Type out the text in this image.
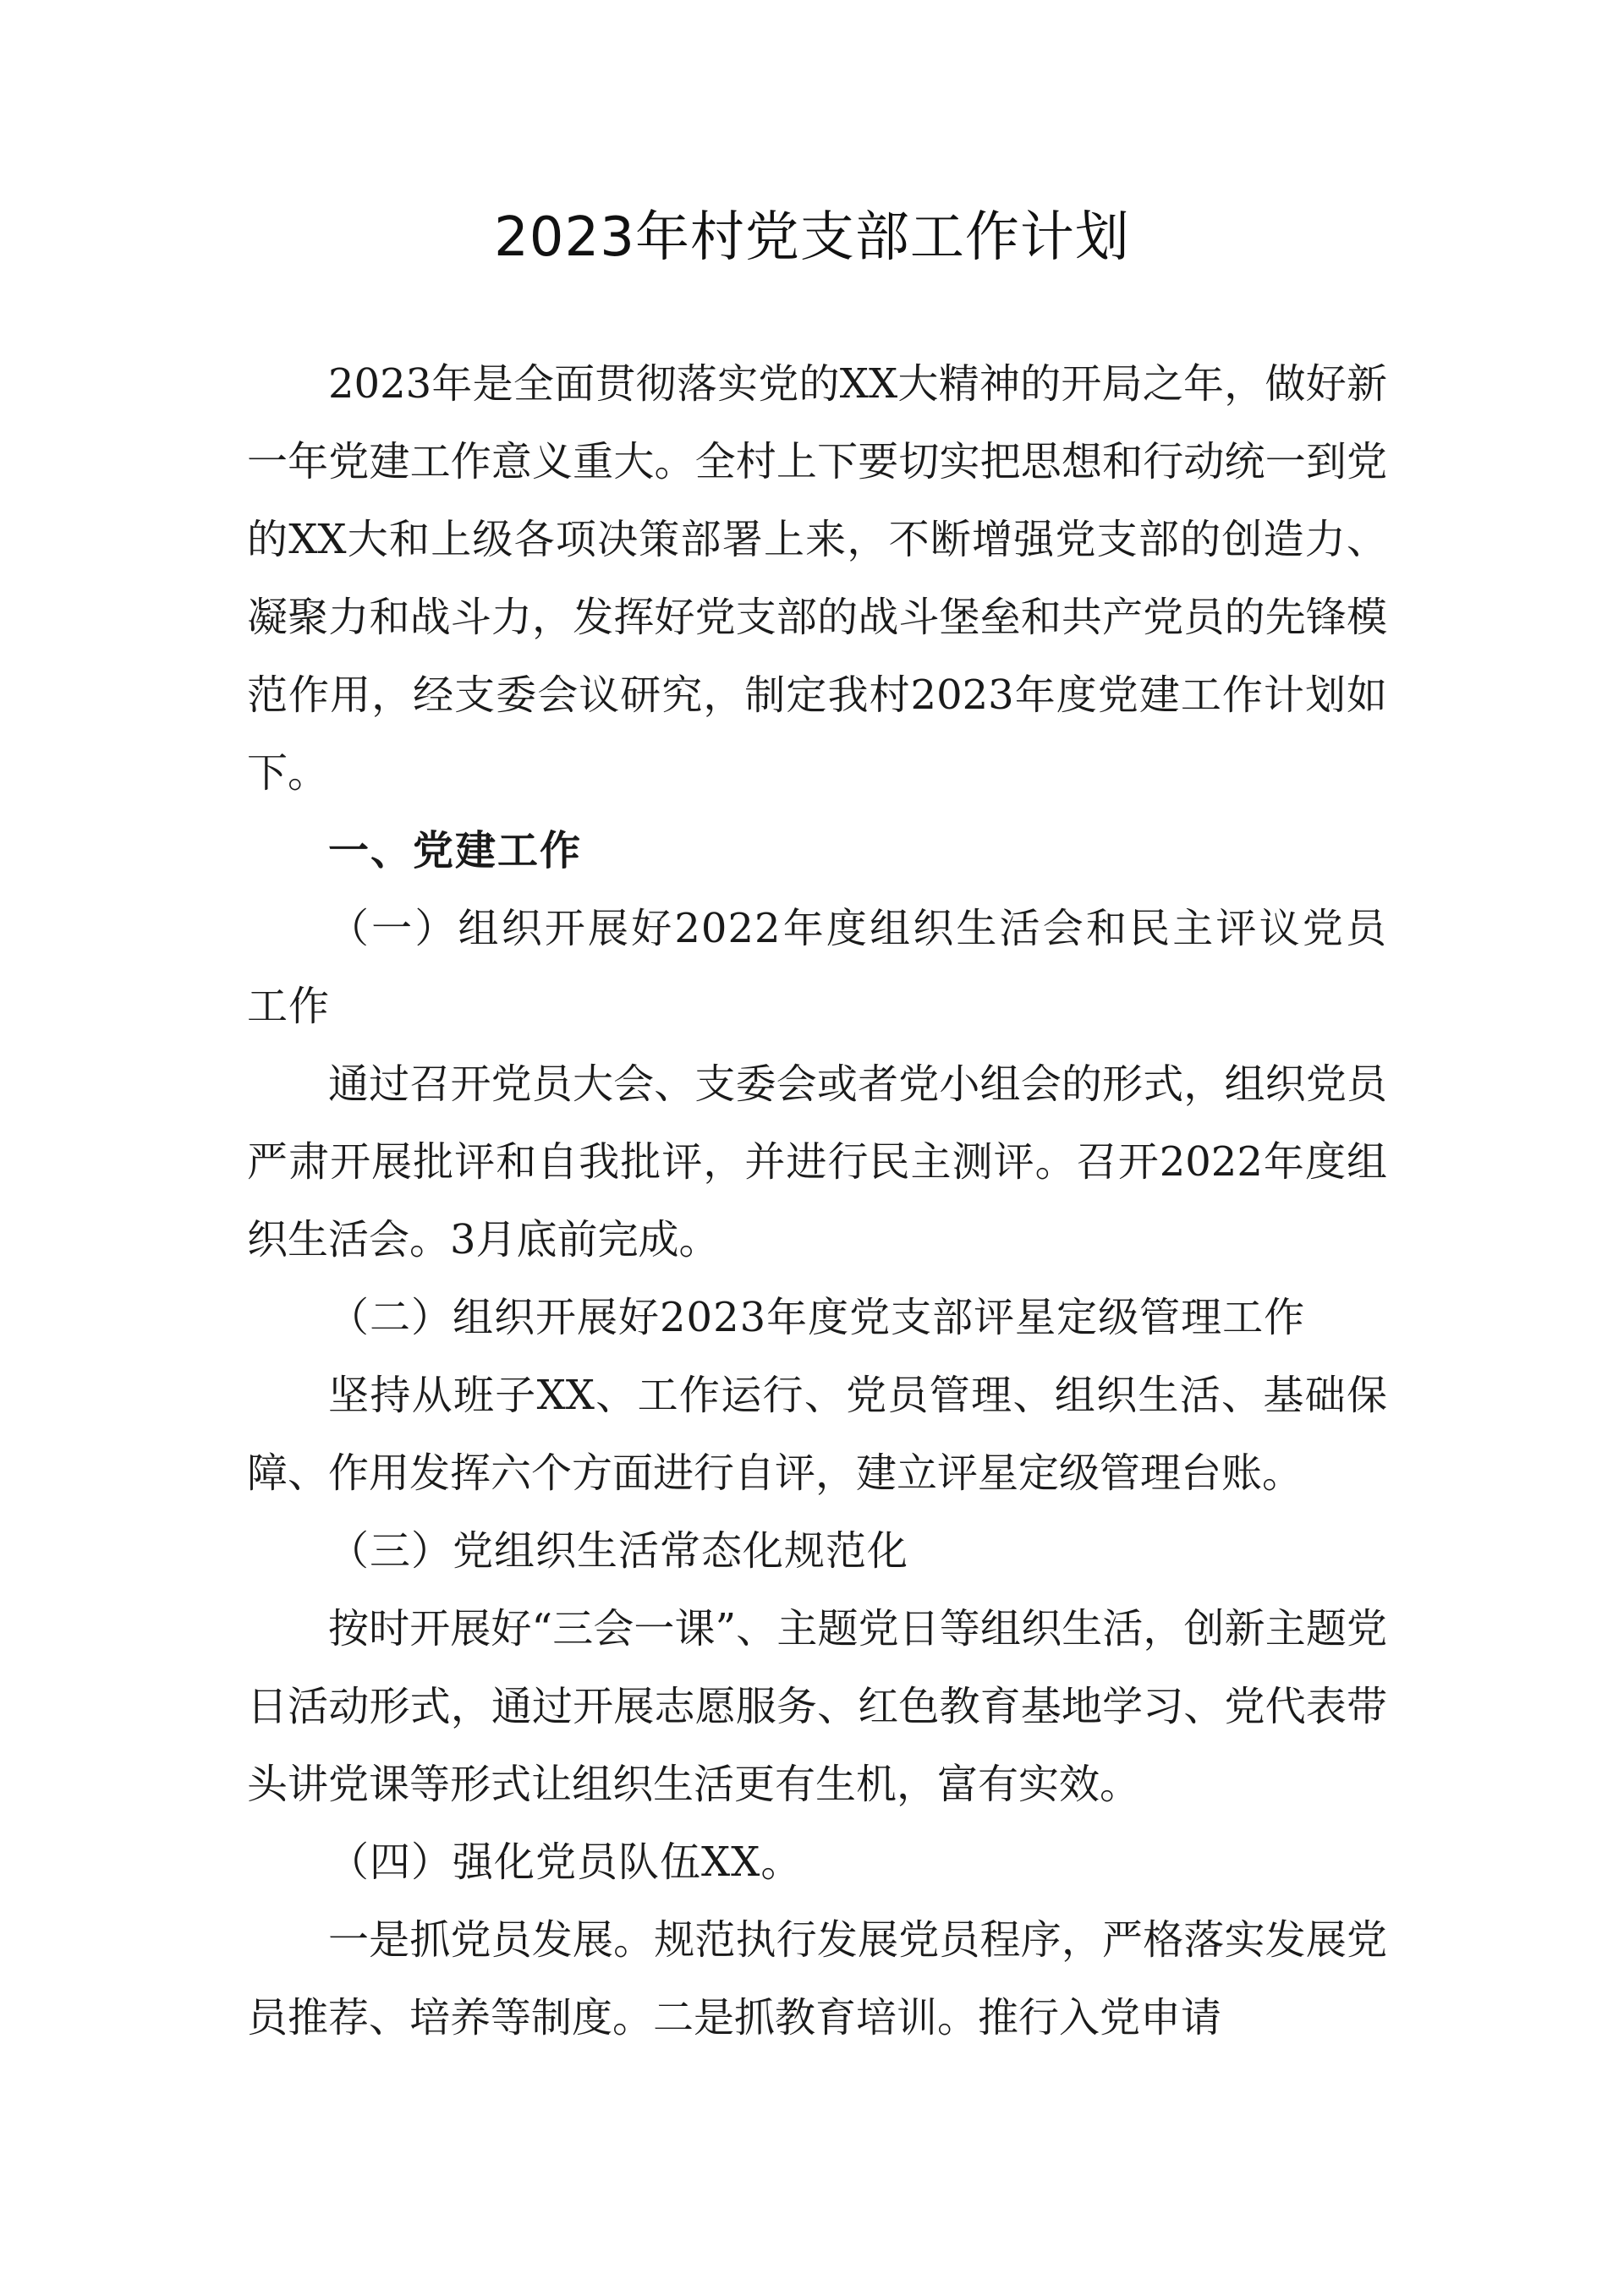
2023年村党支部工作计划

2023年是全面贯彻落实党的XX大精神的开局之年，做好新一年党建工作意义重大。全村上下要切实把思想和行动统一到党的XX大和上级各项决策部署上来，不断增强党支部的创造力、凝聚力和战斗力，发挥好党支部的战斗堡垒和共产党员的先锋模范作用，经支委会议研究，制定我村2023年度党建工作计划如下。

一、党建工作

（一）组织开展好2022年度组织生活会和民主评议党员工作

通过召开党员大会、支委会或者党小组会的形式，组织党员严肃开展批评和自我批评，并进行民主测评。召开2022年度组织生活会。3月底前完成。

（二）组织开展好2023年度党支部评星定级管理工作

坚持从班子XX、工作运行、党员管理、组织生活、基础保障、作用发挥六个方面进行自评，建立评星定级管理台账。

（三）党组织生活常态化规范化

按时开展好“三会一课”、主题党日等组织生活，创新主题党日活动形式，通过开展志愿服务、红色教育基地学习、党代表带头讲党课等形式让组织生活更有生机，富有实效。

（四）强化党员队伍XX。

一是抓党员发展。规范执行发展党员程序，严格落实发展党员推荐、培养等制度。二是抓教育培训。推行入党申请
